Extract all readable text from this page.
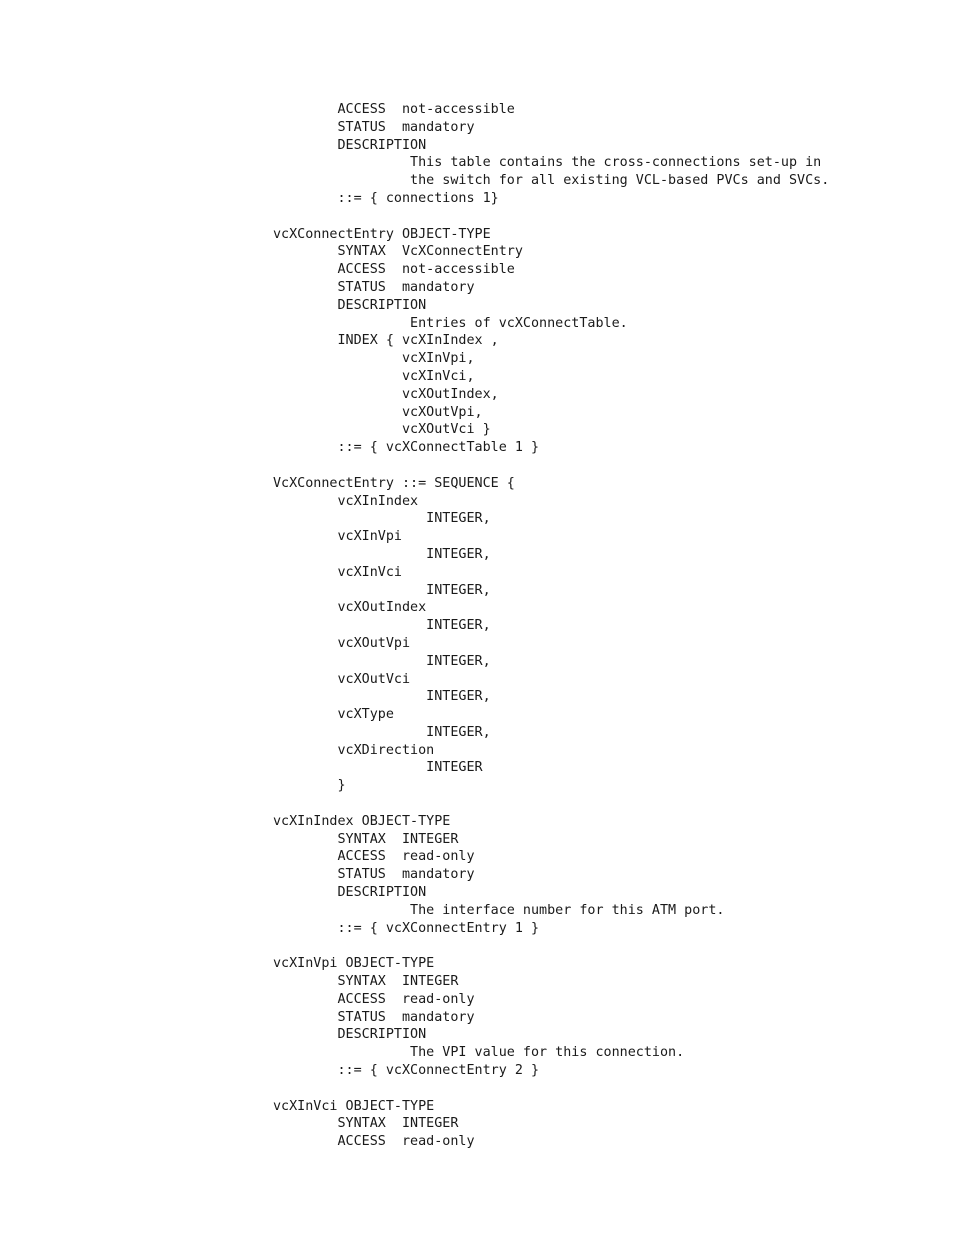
ACCESS  not-accessible
STATUS  mandatory
DESCRIPTION
This table contains the cross-connections set-up in
the switch for all existing VCL-based PVCs and SVCs.
::= { connections 1}
vcXConnectEntry OBJECT-TYPE
SYNTAX  VcXConnectEntry
ACCESS  not-accessible
STATUS  mandatory
DESCRIPTION
Entries of vcXConnectTable.
INDEX { vcXInIndex ,
vcXInVpi,
vcXInVci,
vcXOutIndex,
vcXOutVpi,
vcXOutVci }
::= { vcXConnectTable 1 }
VcXConnectEntry ::= SEQUENCE {
vcXInIndex
INTEGER,
vcXInVpi
INTEGER,
vcXInVci
INTEGER,
vcXOutIndex
INTEGER,
vcXOutVpi
INTEGER,
vcXOutVci
INTEGER,
vcXType
INTEGER,
vcXDirection
INTEGER
}
vcXInIndex OBJECT-TYPE
SYNTAX  INTEGER
ACCESS  read-only
STATUS  mandatory
DESCRIPTION
The interface number for this ATM port.
::= { vcXConnectEntry 1 }
vcXInVpi OBJECT-TYPE
SYNTAX  INTEGER
ACCESS  read-only
STATUS  mandatory
DESCRIPTION
The VPI value for this connection.
::= { vcXConnectEntry 2 }
vcXInVci OBJECT-TYPE
SYNTAX  INTEGER
ACCESS  read-only
